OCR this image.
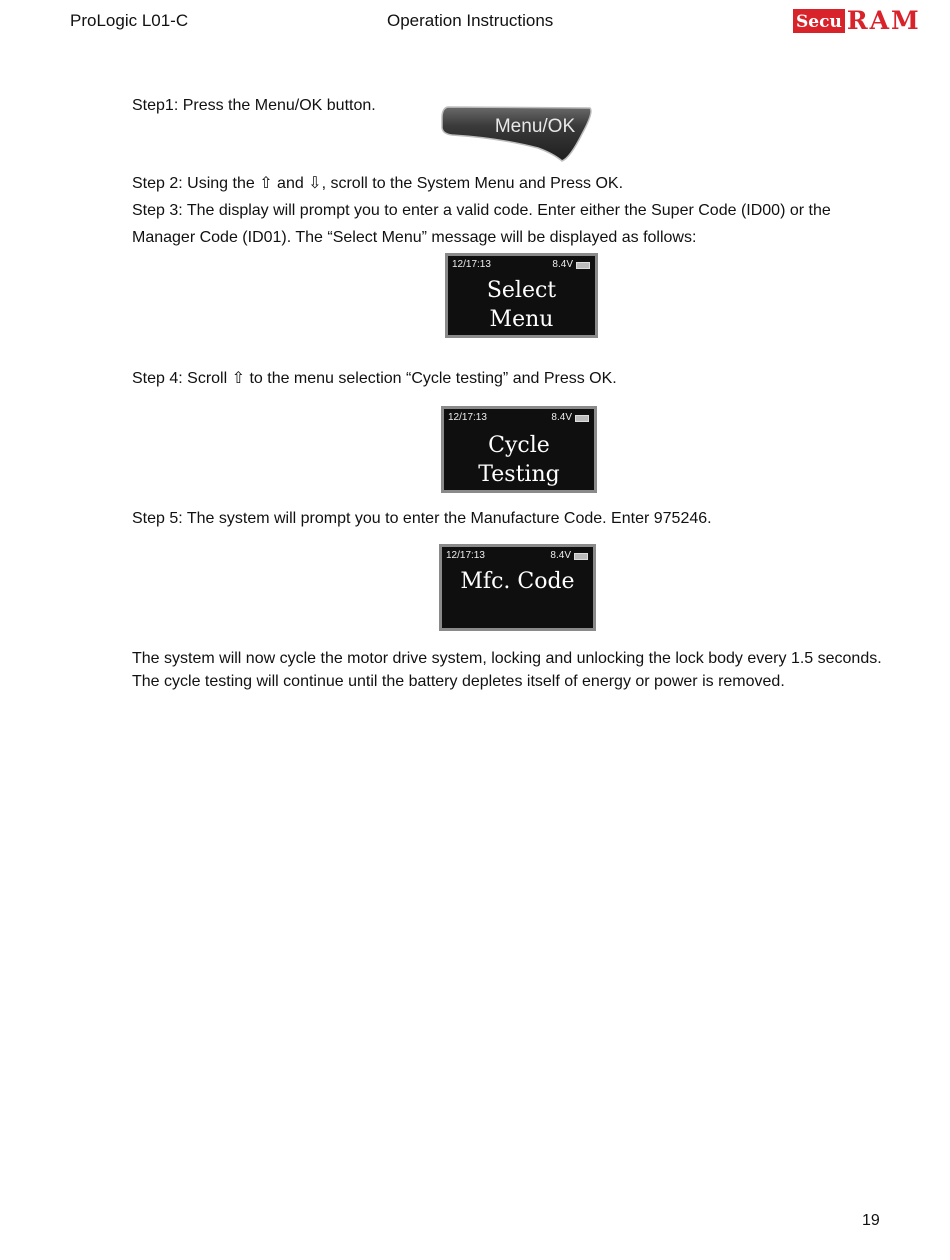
ProLogic L01-C	Operation Instructions	Secu RAM
Step1: Press the Menu/OK button.
Menu/OK
Step 2: Using the ⇧ and ⇩, scroll to the System Menu and Press OK.
Step 3: The display will prompt you to enter a valid code. Enter either the Super Code (ID00) or the Manager Code (ID01). The “Select Menu” message will be displayed as follows:
12/17:13	8.4V
Select
Menu
Step 4: Scroll ⇧ to the menu selection “Cycle testing” and Press OK.
12/17:13	8.4V
Cycle
Testing
Step 5: The system will prompt you to enter the Manufacture Code. Enter 975246.
12/17:13	8.4V
Mfc. Code
The system will now cycle the motor drive system, locking and unlocking the lock body every 1.5 seconds. The cycle testing will continue until the battery depletes itself of energy or power is removed.
19
